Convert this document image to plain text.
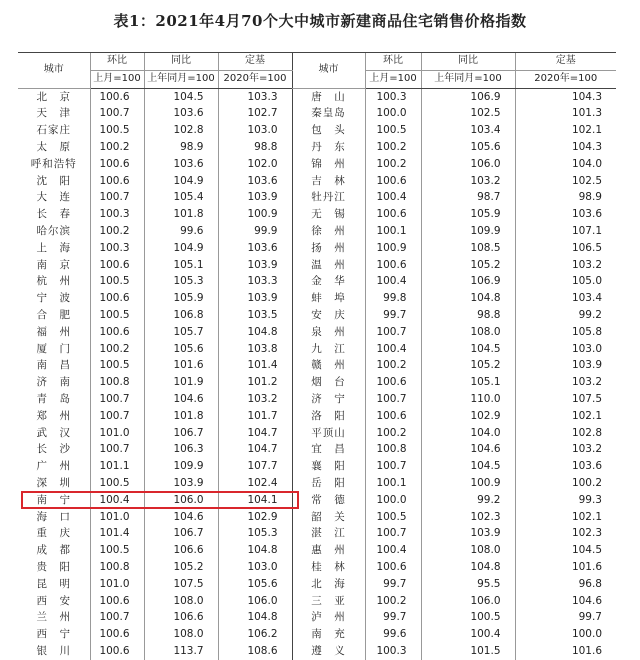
表1：2021年4月70个大中城市新建商品住宅销售价格指数
城市	环比	同比	定基	城市	环比	同比	定基
	上月=100	上年同月=100	2020年=100		上月=100	上年同月=100	2020年=100
北　京	100.6	104.5	103.3	唐　山	100.3	106.9	104.3
天　津	100.7	103.6	102.7	秦皇岛	100.0	102.5	101.3
石家庄	100.5	102.8	103.0	包　头	100.5	103.4	102.1
太　原	100.2	98.9	98.8	丹　东	100.2	105.6	104.3
呼和浩特	100.6	103.6	102.0	锦　州	100.2	106.0	104.0
沈　阳	100.6	104.9	103.6	吉　林	100.6	103.2	102.5
大　连	100.7	105.4	103.9	牡丹江	100.4	98.7	98.9
长　春	100.3	101.8	100.9	无　锡	100.6	105.9	103.6
哈尔滨	100.2	99.6	99.9	徐　州	100.1	109.9	107.1
上　海	100.3	104.9	103.6	扬　州	100.9	108.5	106.5
南　京	100.6	105.1	103.9	温　州	100.6	105.2	103.2
杭　州	100.5	105.3	103.3	金　华	100.4	106.9	105.0
宁　波	100.6	105.9	103.9	蚌　埠	99.8	104.8	103.4
合　肥	100.5	106.8	103.5	安　庆	99.7	98.8	99.2
福　州	100.6	105.7	104.8	泉　州	100.7	108.0	105.8
厦　门	100.2	105.6	103.8	九　江	100.4	104.5	103.0
南　昌	100.5	101.6	101.4	赣　州	100.2	105.2	103.9
济　南	100.8	101.9	101.2	烟　台	100.6	105.1	103.2
青　岛	100.7	104.6	103.2	济　宁	100.7	110.0	107.5
郑　州	100.7	101.8	101.7	洛　阳	100.6	102.9	102.1
武　汉	101.0	106.7	104.7	平顶山	100.2	104.0	102.8
长　沙	100.7	106.3	104.7	宜　昌	100.8	104.6	103.2
广　州	101.1	109.9	107.7	襄　阳	100.7	104.5	103.6
深　圳	100.5	103.9	102.4	岳　阳	100.1	100.9	100.2
南　宁	100.4	106.0	104.1	常　德	100.0	99.2	99.3
海　口	101.0	104.6	102.9	韶　关	100.5	102.3	102.1
重　庆	101.4	106.7	105.3	湛　江	100.7	103.9	102.3
成　都	100.5	106.6	104.8	惠　州	100.4	108.0	104.5
贵　阳	100.8	105.2	103.0	桂　林	100.6	104.8	101.6
昆　明	101.0	107.5	105.6	北　海	99.7	95.5	96.8
西　安	100.6	108.0	106.0	三　亚	100.2	106.0	104.6
兰　州	100.7	106.6	104.8	泸　州	99.7	100.5	99.7
西　宁	100.6	108.0	106.2	南　充	99.6	100.4	100.0
银　川	100.6	113.7	108.6	遵　义	100.3	101.5	101.6
